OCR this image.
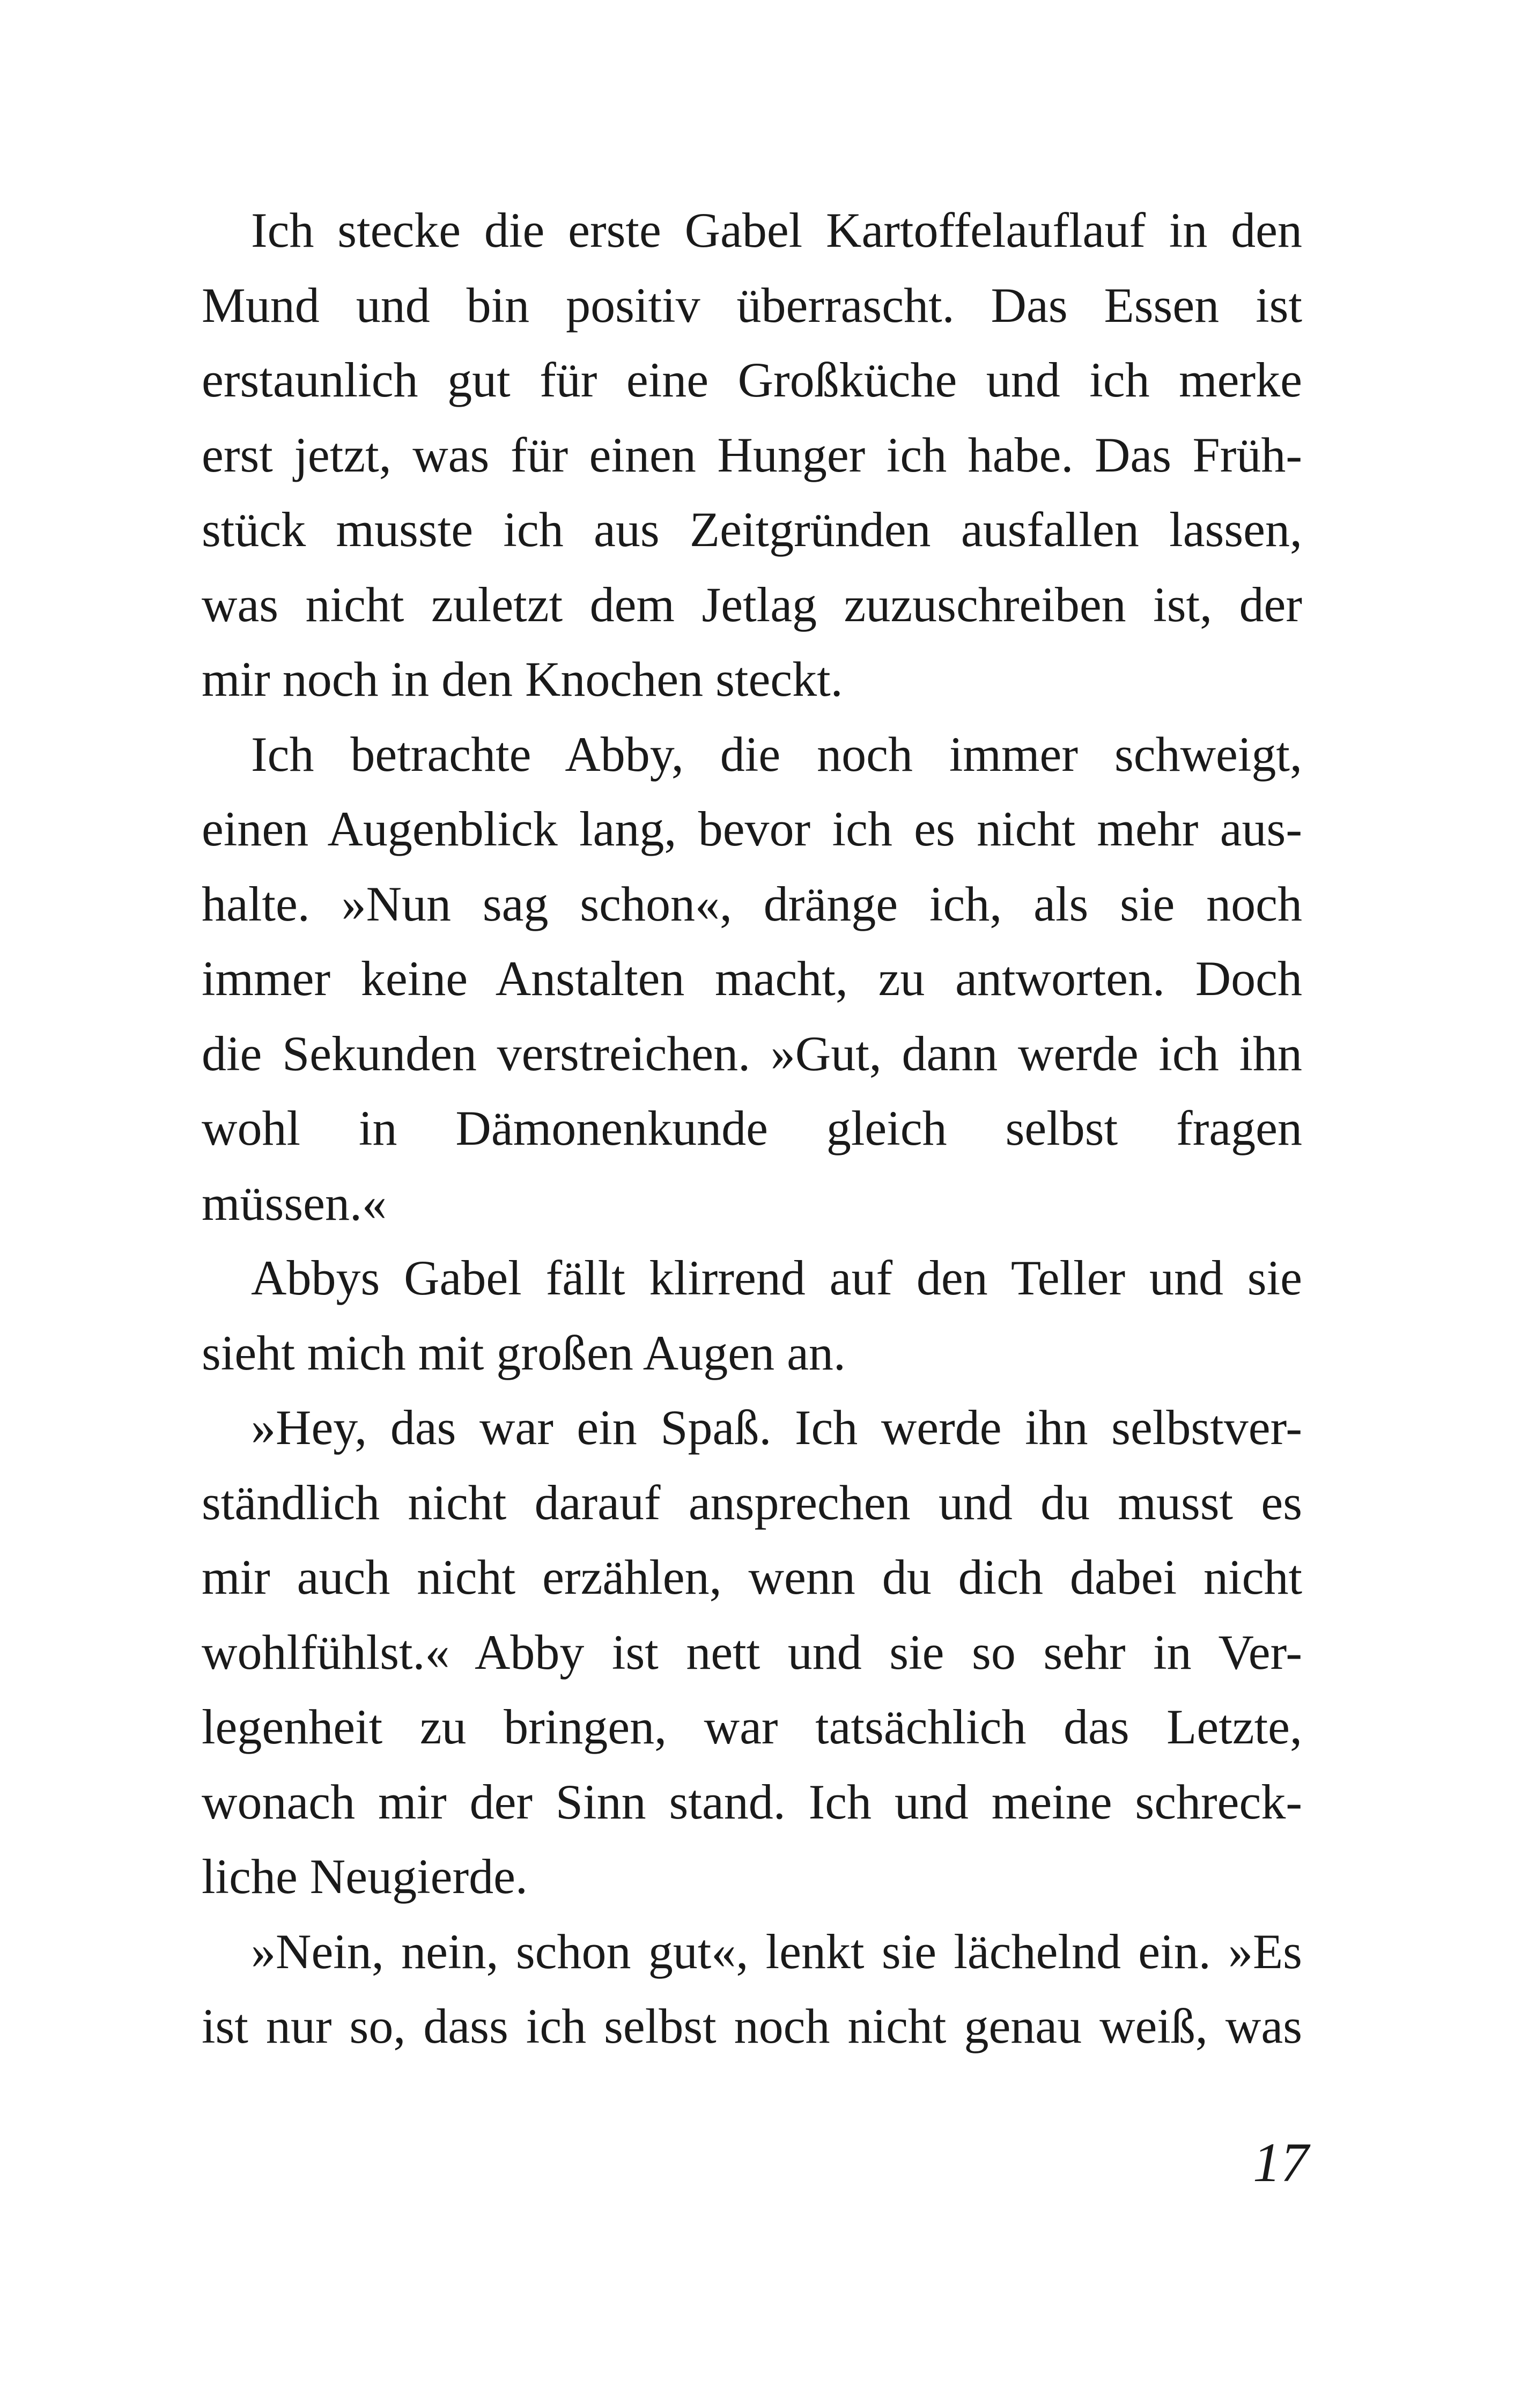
Ich stecke die erste Gabel Kartoffelauflauf in den
Mund und bin positiv überrascht. Das Essen ist
erstaunlich gut für eine Großküche und ich merke
erst jetzt, was für einen Hunger ich habe. Das Früh-
stück musste ich aus Zeitgründen ausfallen lassen,
was nicht zuletzt dem Jetlag zuzuschreiben ist, der
mir noch in den Knochen steckt.
Ich betrachte Abby, die noch immer schweigt,
einen Augenblick lang, bevor ich es nicht mehr aus-
halte. »Nun sag schon«, dränge ich, als sie noch
immer keine Anstalten macht, zu antworten. Doch
die Sekunden verstreichen. »Gut, dann werde ich ihn
wohl in Dämonenkunde gleich selbst fragen
müssen.«
Abbys Gabel fällt klirrend auf den Teller und sie
sieht mich mit großen Augen an.
»Hey, das war ein Spaß. Ich werde ihn selbstver-
ständlich nicht darauf ansprechen und du musst es
mir auch nicht erzählen, wenn du dich dabei nicht
wohlfühlst.« Abby ist nett und sie so sehr in Ver-
legenheit zu bringen, war tatsächlich das Letzte,
wonach mir der Sinn stand. Ich und meine schreck-
liche Neugierde.
»Nein, nein, schon gut«, lenkt sie lächelnd ein. »Es
ist nur so, dass ich selbst noch nicht genau weiß, was
17
